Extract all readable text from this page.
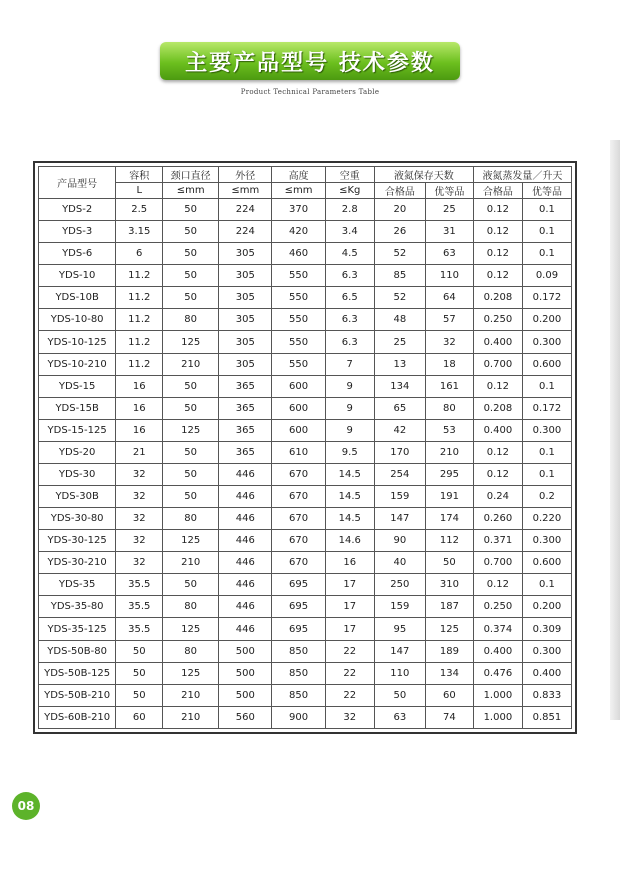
主要产品型号 技术参数
Product Technical Parameters Table
产品型号	容积	颈口直径	外径	高度	空重	液氮保存天数		液氮蒸发量／升天	
	L	≤mm	≤mm	≤mm	≤Kg	合格品	优等品	合格品	优等品
YDS-2	2.5	50	224	370	2.8	20	25	0.12	0.1
YDS-3	3.15	50	224	420	3.4	26	31	0.12	0.1
YDS-6	6	50	305	460	4.5	52	63	0.12	0.1
YDS-10	11.2	50	305	550	6.3	85	110	0.12	0.09
YDS-10B	11.2	50	305	550	6.5	52	64	0.208	0.172
YDS-10-80	11.2	80	305	550	6.3	48	57	0.250	0.200
YDS-10-125	11.2	125	305	550	6.3	25	32	0.400	0.300
YDS-10-210	11.2	210	305	550	7	13	18	0.700	0.600
YDS-15	16	50	365	600	9	134	161	0.12	0.1
YDS-15B	16	50	365	600	9	65	80	0.208	0.172
YDS-15-125	16	125	365	600	9	42	53	0.400	0.300
YDS-20	21	50	365	610	9.5	170	210	0.12	0.1
YDS-30	32	50	446	670	14.5	254	295	0.12	0.1
YDS-30B	32	50	446	670	14.5	159	191	0.24	0.2
YDS-30-80	32	80	446	670	14.5	147	174	0.260	0.220
YDS-30-125	32	125	446	670	14.6	90	112	0.371	0.300
YDS-30-210	32	210	446	670	16	40	50	0.700	0.600
YDS-35	35.5	50	446	695	17	250	310	0.12	0.1
YDS-35-80	35.5	80	446	695	17	159	187	0.250	0.200
YDS-35-125	35.5	125	446	695	17	95	125	0.374	0.309
YDS-50B-80	50	80	500	850	22	147	189	0.400	0.300
YDS-50B-125	50	125	500	850	22	110	134	0.476	0.400
YDS-50B-210	50	210	500	850	22	50	60	1.000	0.833
YDS-60B-210	60	210	560	900	32	63	74	1.000	0.851
08
